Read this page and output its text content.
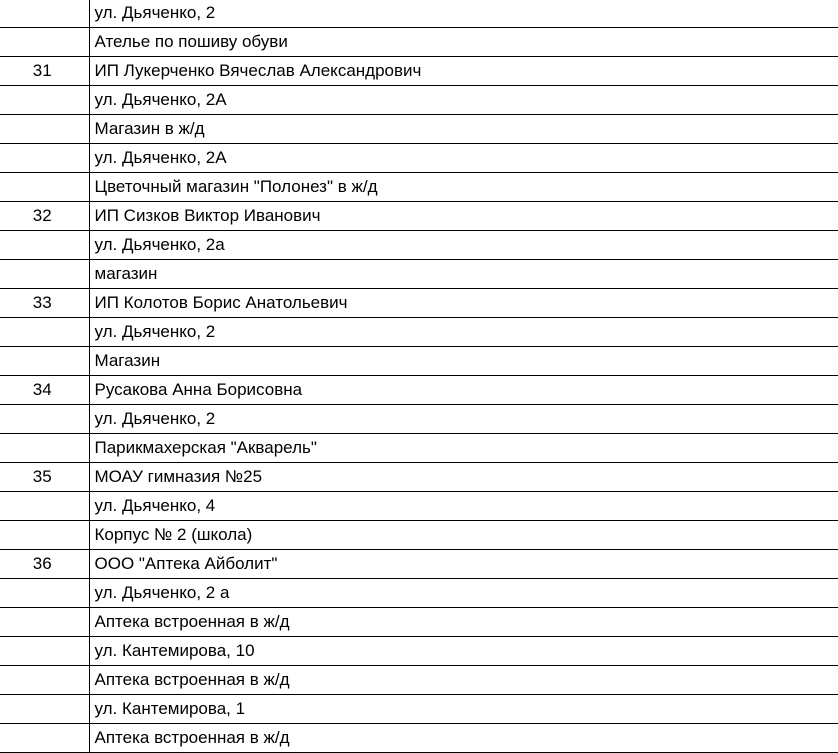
	ул. Дьяченко, 2
	Ателье по пошиву обуви
31	ИП Лукерченко Вячеслав Александрович
	ул. Дьяченко, 2А
	Магазин в ж/д
	ул. Дьяченко, 2А
	Цветочный магазин "Полонез" в ж/д
32	ИП Сизков Виктор Иванович
	ул. Дьяченко, 2а
	магазин
33	ИП Колотов Борис Анатольевич
	ул. Дьяченко, 2
	Магазин
34	Русакова Анна Борисовна
	ул. Дьяченко, 2
	Парикмахерская "Акварель"
35	МОАУ гимназия №25
	ул. Дьяченко, 4
	Корпус № 2 (школа)
36	ООО "Аптека Айболит"
	ул. Дьяченко, 2 а
	Аптека встроенная в ж/д
	ул. Кантемирова, 10
	Аптека встроенная в ж/д
	ул. Кантемирова, 1
	Аптека встроенная в ж/д
